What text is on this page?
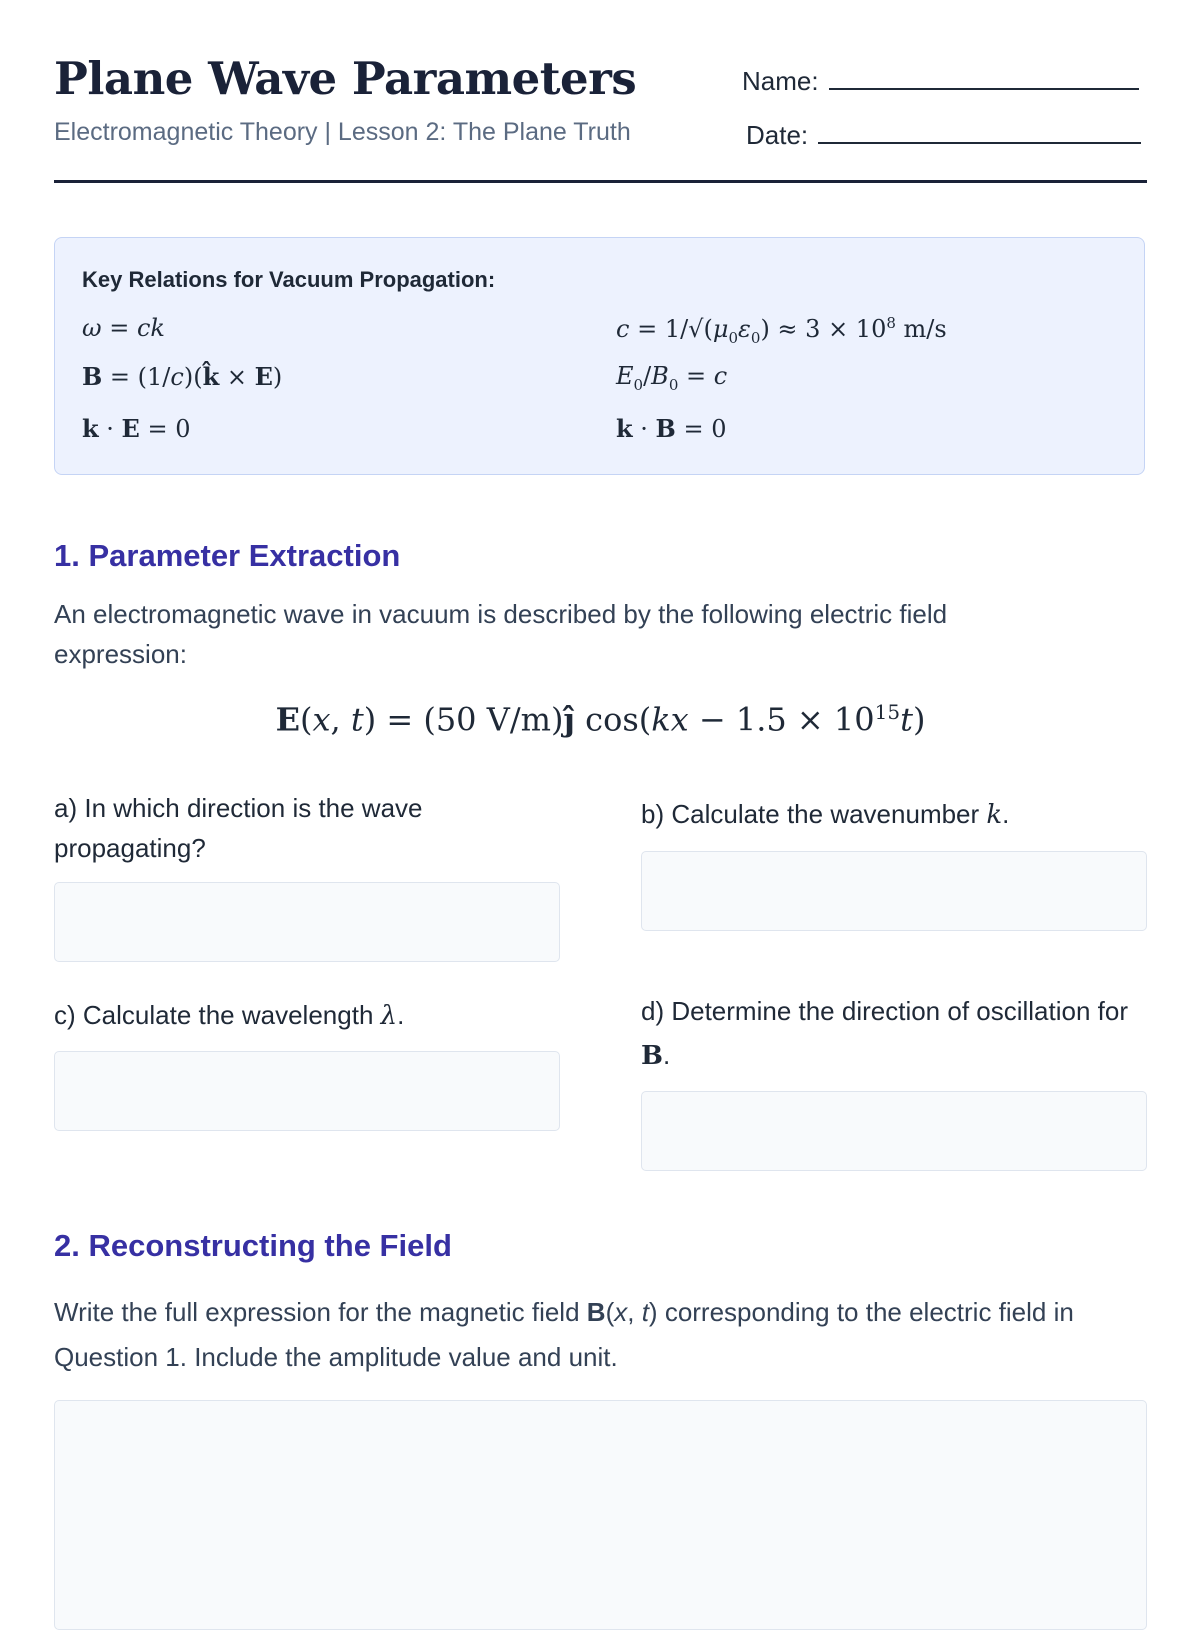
Plane Wave Parameters
Electromagnetic Theory | Lesson 2: The Plane Truth
Name:
Date:
Key Relations for Vacuum Propagation:
ω = ck
B = (1/c)(k̂ × E)
k · E = 0
$c = 1/√(\mu_0\varepsilon_0) \approx 3 \times 10^8$ m/s
$E_0/B_0 = c$
k · B = 0
1. Parameter Extraction
An electromagnetic wave in vacuum is described by the following electric field expression:
E(x, t) = (50 V/m)ĵ $\cos(kx - 1.5 \times 10^{15}t)$
a) In which direction is the wave propagating?
b) Calculate the wavenumber k.
c) Calculate the wavelength λ.	d) Determine the direction of oscillation for B.
2. Reconstructing the Field
Write the full expression for the magnetic field B(x, t) corresponding to the electric field in Question 1. Include the amplitude value and unit.
